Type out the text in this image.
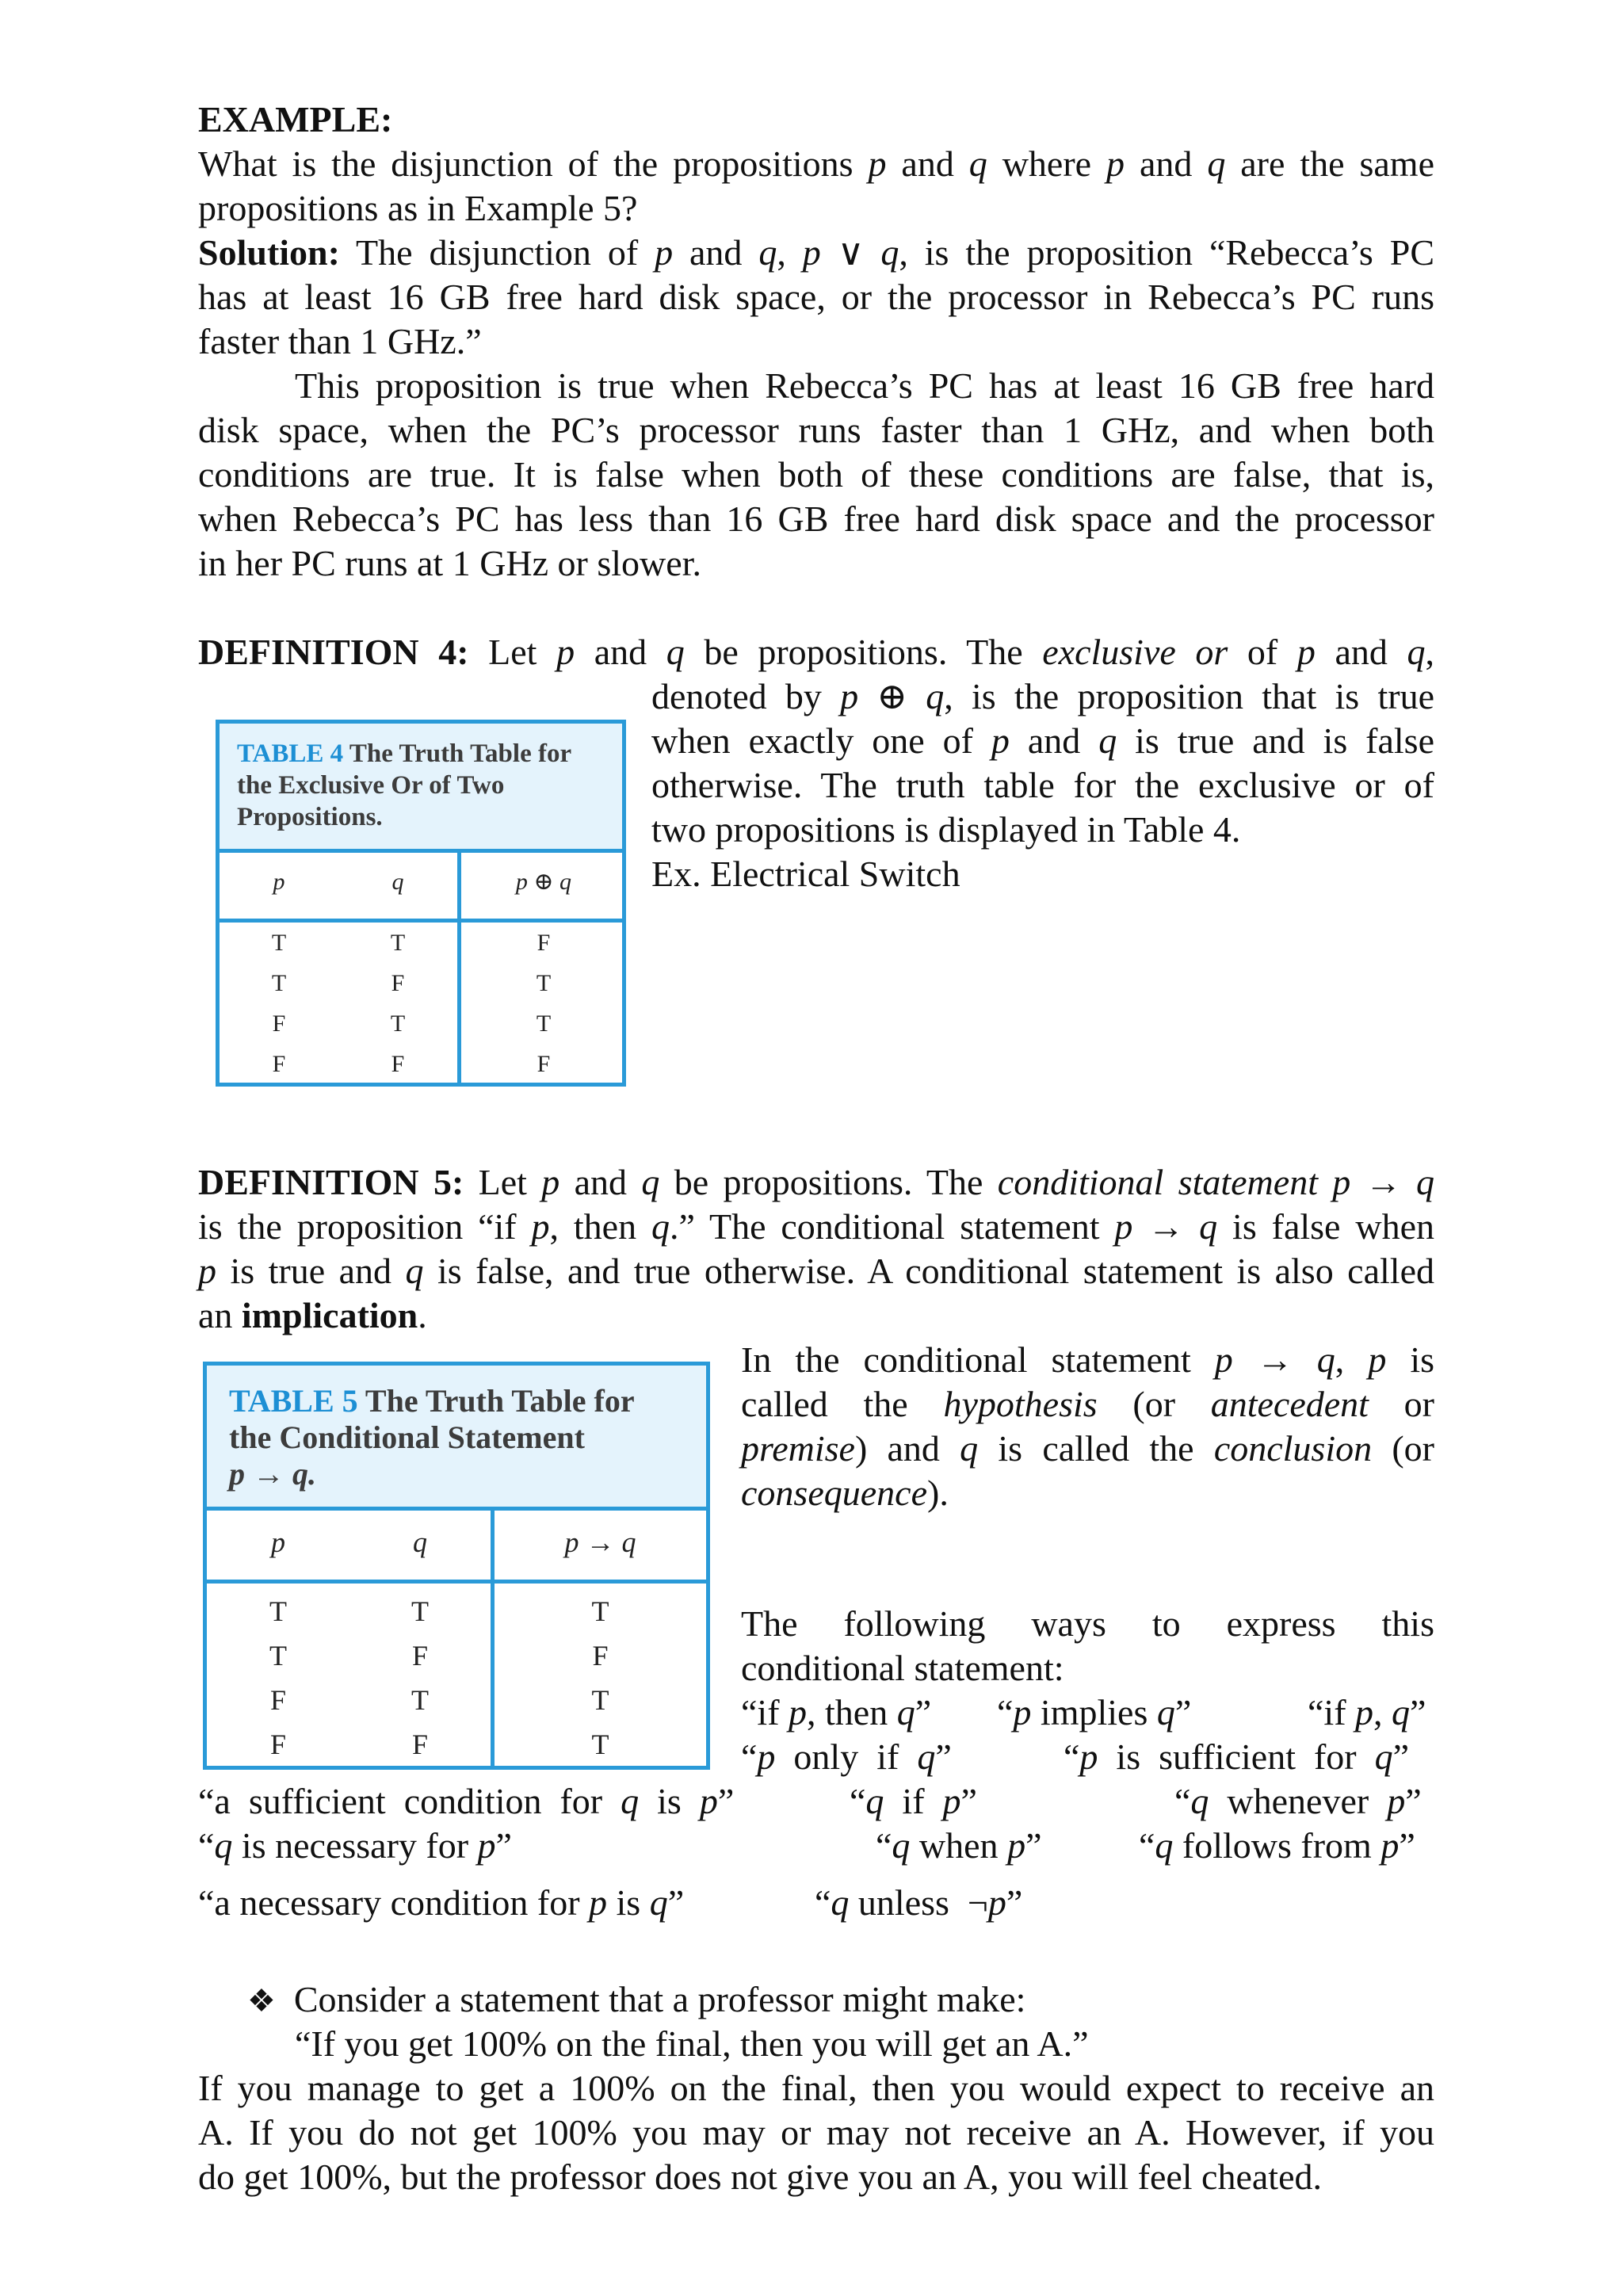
EXAMPLE:

What is the disjunction of the propositions p and q where p and q are the same

propositions as in Example 5?

Solution: The disjunction of p and q, p ∨ q, is the proposition “Rebecca’s PC

has at least 16 GB free hard disk space, or the processor in Rebecca’s PC runs

faster than 1 GHz.”

This proposition is true when Rebecca’s PC has at least 16 GB free hard

disk space, when the PC’s processor runs faster than 1 GHz, and when both

conditions are true. It is false when both of these conditions are false, that is,

when Rebecca’s PC has less than 16 GB free hard disk space and the processor

in her PC runs at 1 GHz or slower.

DEFINITION 4: Let p and q be propositions. The exclusive or of p and q,

denoted by p ⊕ q, is the proposition that is true

when exactly one of p and q is true and is false

otherwise. The truth table for the exclusive or of

two propositions is displayed in Table 4.

Ex. Electrical Switch

TABLE 4 The Truth Table for the Exclusive Or of Two Propositions.
p	q	p ⊕ q
T	T	F
T	F	T
F	T	T
F	F	F

DEFINITION 5: Let p and q be propositions. The conditional statement p → q

is the proposition “if p, then q.” The conditional statement p → q is false when

p is true and q is false, and true otherwise. A conditional statement is also called

an implication.

In the conditional statement p → q, p is

called the hypothesis (or antecedent or

premise) and q is called the conclusion (or

consequence).

TABLE 5 The Truth Table for the Conditional Statement
p → q.
p	q	p → q
T	T	T
T	F	F
F	T	T
F	F	T

The following ways to express this

conditional statement:

“if p, then q” “p implies q”	“if p, q”

“p  only  if  q”	“p  is  sufficient  for  q”

“a  sufficient  condition  for  q  is  p”	“q  if  p”	“q  whenever  p”

“q is necessary for p”	“q when p”	“q follows from p”

“a necessary condition for p is q”	“q unless  ¬p”

❖ Consider a statement that a professor might make:

“If you get 100% on the final, then you will get an A.”

If you manage to get a 100% on the final, then you would expect to receive an

A. If you do not get 100% you may or may not receive an A. However, if you

do get 100%, but the professor does not give you an A, you will feel cheated.
